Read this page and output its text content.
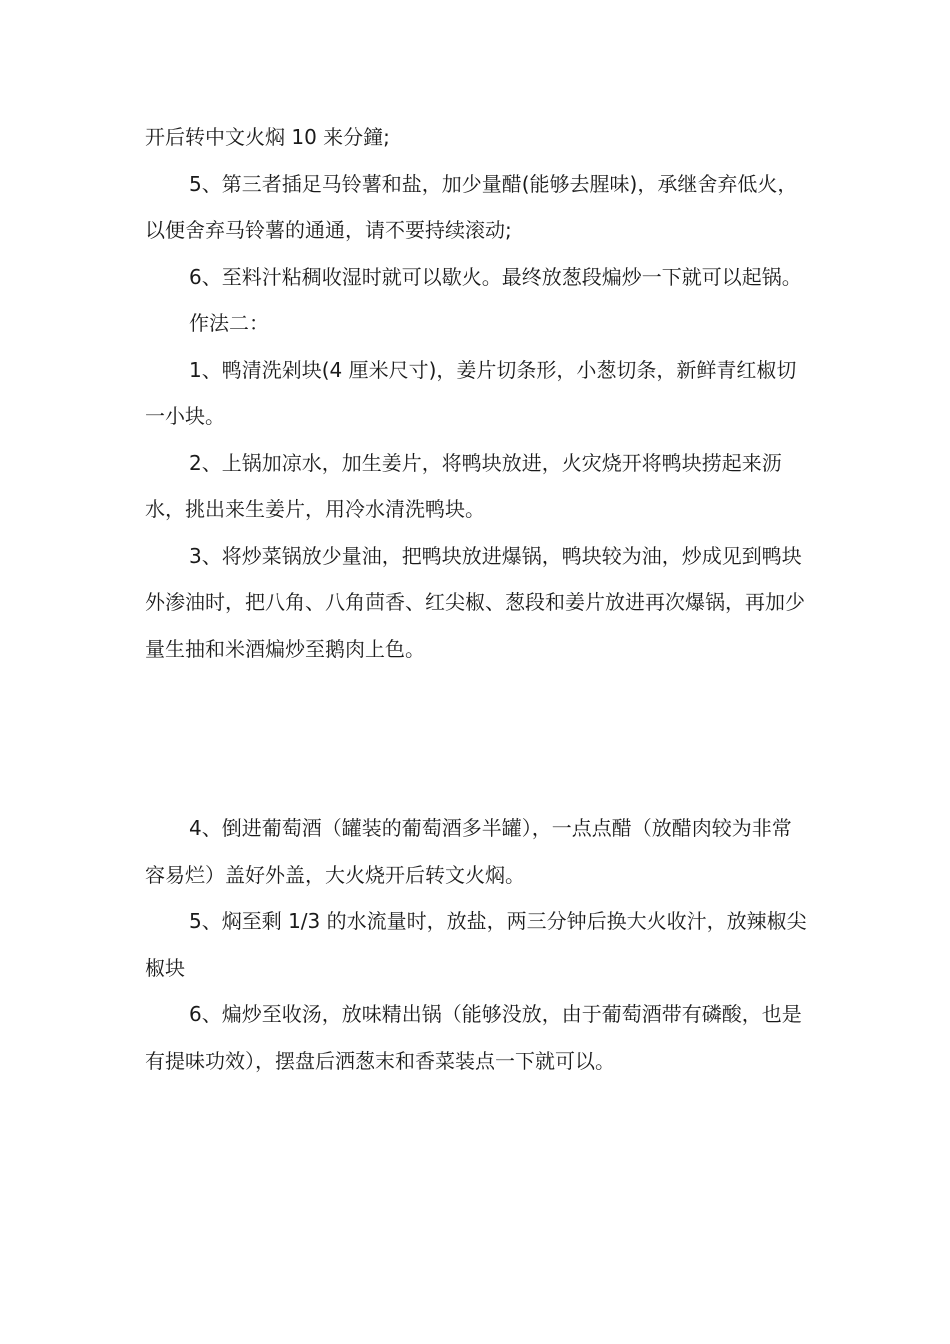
开后转中文火焖 10 来分鐘;

5、第三者插足马铃薯和盐，加少量醋(能够去腥味)，承继舍弃低火，以便舍弃马铃薯的通通，请不要持续滚动;

6、至料汁粘稠收湿时就可以歇火。最终放葱段煸炒一下就可以起锅。

作法二：

1、鸭清洗剁块(4 厘米尺寸)，姜片切条形，小葱切条，新鲜青红椒切一小块。

2、上锅加凉水，加生姜片，将鸭块放进，火灾烧开将鸭块捞起来沥水，挑出来生姜片，用冷水清洗鸭块。

3、将炒菜锅放少量油，把鸭块放进爆锅，鸭块较为油，炒成见到鸭块外渗油时，把八角、八角茴香、红尖椒、葱段和姜片放进再次爆锅，再加少量生抽和米酒煸炒至鹅肉上色。

4、倒进葡萄酒（罐装的葡萄酒多半罐），一点点醋（放醋肉较为非常容易烂）盖好外盖，大火烧开后转文火焖。

5、焖至剩 1/3 的水流量时，放盐，两三分钟后换大火收汁，放辣椒尖椒块

6、煸炒至收汤，放味精出锅（能够没放，由于葡萄酒带有磷酸，也是有提味功效），摆盘后洒葱末和香菜装点一下就可以。
